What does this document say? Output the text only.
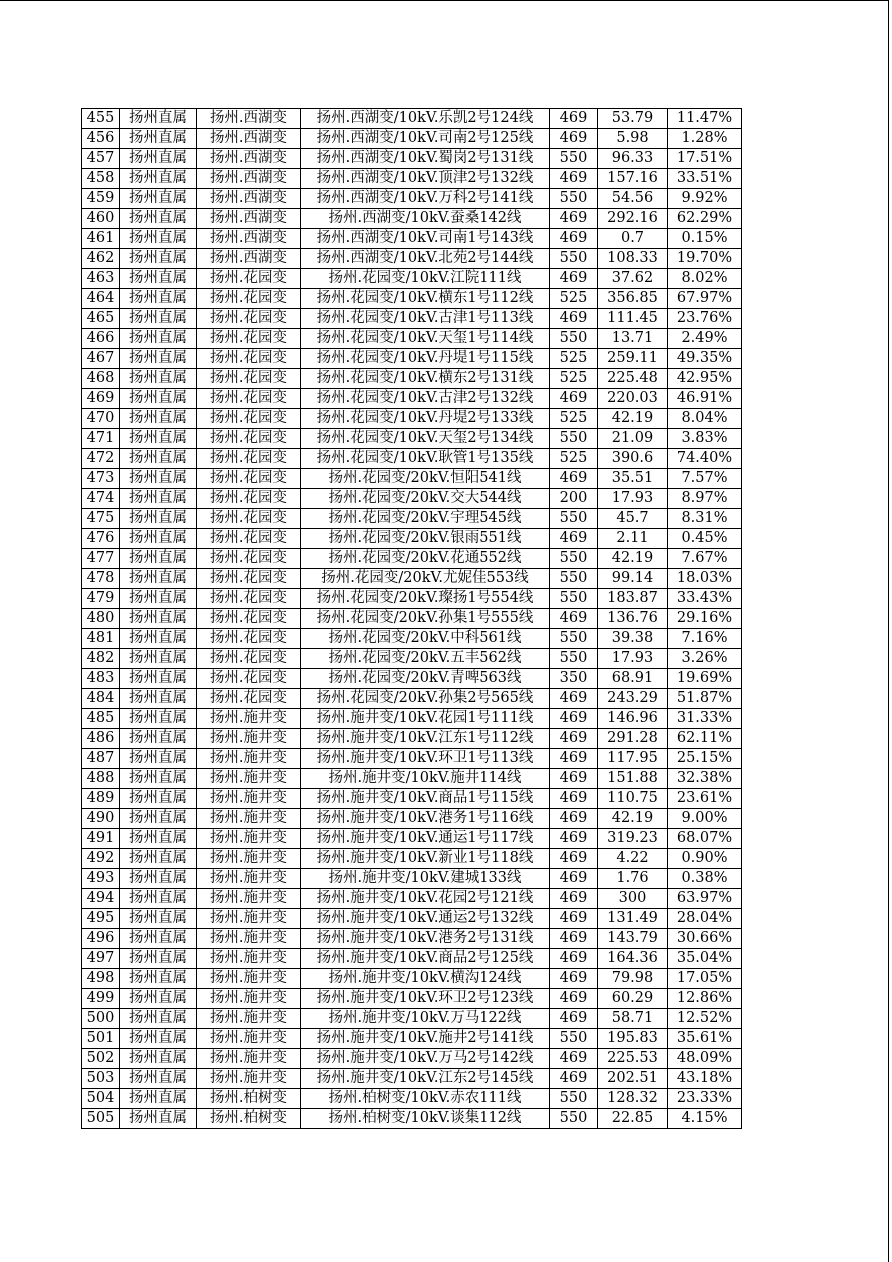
455	扬州直属	扬州.西湖变	扬州.西湖变/10kV.乐凯2号124线	469	53.79	11.47%
456	扬州直属	扬州.西湖变	扬州.西湖变/10kV.司南2号125线	469	5.98	1.28%
457	扬州直属	扬州.西湖变	扬州.西湖变/10kV.蜀岗2号131线	550	96.33	17.51%
458	扬州直属	扬州.西湖变	扬州.西湖变/10kV.顶津2号132线	469	157.16	33.51%
459	扬州直属	扬州.西湖变	扬州.西湖变/10kV.万科2号141线	550	54.56	9.92%
460	扬州直属	扬州.西湖变	扬州.西湖变/10kV.蚕桑142线	469	292.16	62.29%
461	扬州直属	扬州.西湖变	扬州.西湖变/10kV.司南1号143线	469	0.7	0.15%
462	扬州直属	扬州.西湖变	扬州.西湖变/10kV.北苑2号144线	550	108.33	19.70%
463	扬州直属	扬州.花园变	扬州.花园变/10kV.江院111线	469	37.62	8.02%
464	扬州直属	扬州.花园变	扬州.花园变/10kV.横东1号112线	525	356.85	67.97%
465	扬州直属	扬州.花园变	扬州.花园变/10kV.古津1号113线	469	111.45	23.76%
466	扬州直属	扬州.花园变	扬州.花园变/10kV.天玺1号114线	550	13.71	2.49%
467	扬州直属	扬州.花园变	扬州.花园变/10kV.丹堤1号115线	525	259.11	49.35%
468	扬州直属	扬州.花园变	扬州.花园变/10kV.横东2号131线	525	225.48	42.95%
469	扬州直属	扬州.花园变	扬州.花园变/10kV.古津2号132线	469	220.03	46.91%
470	扬州直属	扬州.花园变	扬州.花园变/10kV.丹堤2号133线	525	42.19	8.04%
471	扬州直属	扬州.花园变	扬州.花园变/10kV.天玺2号134线	550	21.09	3.83%
472	扬州直属	扬州.花园变	扬州.花园变/10kV.耿管1号135线	525	390.6	74.40%
473	扬州直属	扬州.花园变	扬州.花园变/20kV.恒阳541线	469	35.51	7.57%
474	扬州直属	扬州.花园变	扬州.花园变/20kV.交大544线	200	17.93	8.97%
475	扬州直属	扬州.花园变	扬州.花园变/20kV.宇理545线	550	45.7	8.31%
476	扬州直属	扬州.花园变	扬州.花园变/20kV.银雨551线	469	2.11	0.45%
477	扬州直属	扬州.花园变	扬州.花园变/20kV.花通552线	550	42.19	7.67%
478	扬州直属	扬州.花园变	扬州.花园变/20kV.尤妮佳553线	550	99.14	18.03%
479	扬州直属	扬州.花园变	扬州.花园变/20kV.璨扬1号554线	550	183.87	33.43%
480	扬州直属	扬州.花园变	扬州.花园变/20kV.孙集1号555线	469	136.76	29.16%
481	扬州直属	扬州.花园变	扬州.花园变/20kV.中科561线	550	39.38	7.16%
482	扬州直属	扬州.花园变	扬州.花园变/20kV.五丰562线	550	17.93	3.26%
483	扬州直属	扬州.花园变	扬州.花园变/20kV.青啤563线	350	68.91	19.69%
484	扬州直属	扬州.花园变	扬州.花园变/20kV.孙集2号565线	469	243.29	51.87%
485	扬州直属	扬州.施井变	扬州.施井变/10kV.花园1号111线	469	146.96	31.33%
486	扬州直属	扬州.施井变	扬州.施井变/10kV.江东1号112线	469	291.28	62.11%
487	扬州直属	扬州.施井变	扬州.施井变/10kV.环卫1号113线	469	117.95	25.15%
488	扬州直属	扬州.施井变	扬州.施井变/10kV.施井114线	469	151.88	32.38%
489	扬州直属	扬州.施井变	扬州.施井变/10kV.商品1号115线	469	110.75	23.61%
490	扬州直属	扬州.施井变	扬州.施井变/10kV.港务1号116线	469	42.19	9.00%
491	扬州直属	扬州.施井变	扬州.施井变/10kV.通运1号117线	469	319.23	68.07%
492	扬州直属	扬州.施井变	扬州.施井变/10kV.新业1号118线	469	4.22	0.90%
493	扬州直属	扬州.施井变	扬州.施井变/10kV.建城133线	469	1.76	0.38%
494	扬州直属	扬州.施井变	扬州.施井变/10kV.花园2号121线	469	300	63.97%
495	扬州直属	扬州.施井变	扬州.施井变/10kV.通运2号132线	469	131.49	28.04%
496	扬州直属	扬州.施井变	扬州.施井变/10kV.港务2号131线	469	143.79	30.66%
497	扬州直属	扬州.施井变	扬州.施井变/10kV.商品2号125线	469	164.36	35.04%
498	扬州直属	扬州.施井变	扬州.施井变/10kV.横沟124线	469	79.98	17.05%
499	扬州直属	扬州.施井变	扬州.施井变/10kV.环卫2号123线	469	60.29	12.86%
500	扬州直属	扬州.施井变	扬州.施井变/10kV.万马122线	469	58.71	12.52%
501	扬州直属	扬州.施井变	扬州.施井变/10kV.施井2号141线	550	195.83	35.61%
502	扬州直属	扬州.施井变	扬州.施井变/10kV.万马2号142线	469	225.53	48.09%
503	扬州直属	扬州.施井变	扬州.施井变/10kV.江东2号145线	469	202.51	43.18%
504	扬州直属	扬州.柏树变	扬州.柏树变/10kV.赤农111线	550	128.32	23.33%
505	扬州直属	扬州.柏树变	扬州.柏树变/10kV.谈集112线	550	22.85	4.15%
